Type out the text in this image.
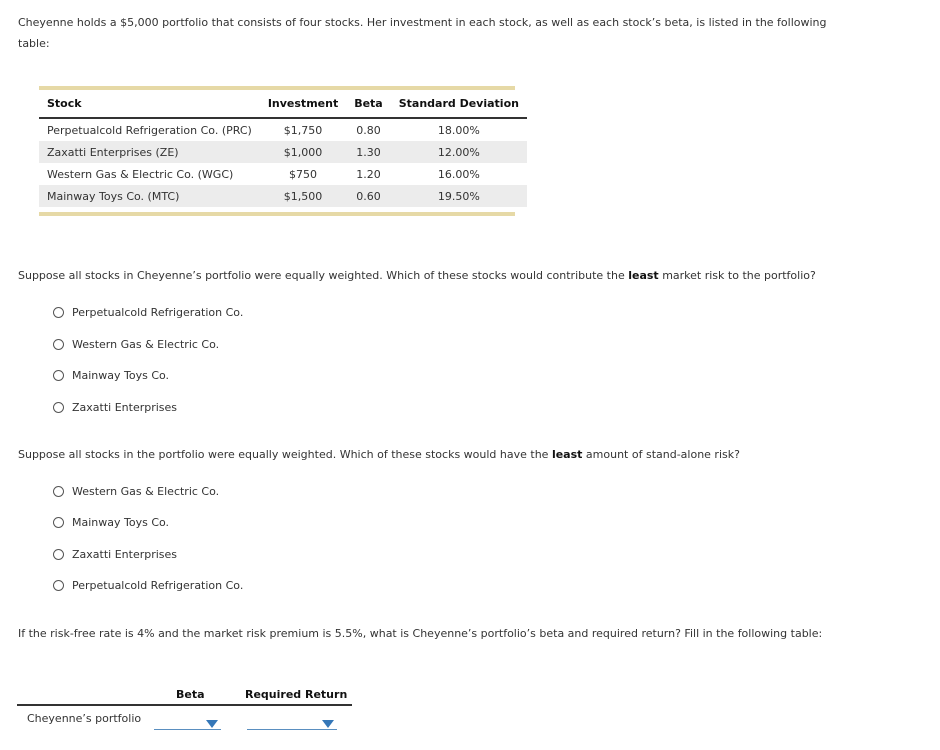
Cheyenne holds a $5,000 portfolio that consists of four stocks. Her investment in each stock, as well as each stock’s beta, is listed in the following
table:
Stock	Investment	Beta	Standard Deviation
Perpetualcold Refrigeration Co. (PRC)	$1,750	0.80	18.00%
Zaxatti Enterprises (ZE)	$1,000	1.30	12.00%
Western Gas & Electric Co. (WGC)	$750	1.20	16.00%
Mainway Toys Co. (MTC)	$1,500	0.60	19.50%
Suppose all stocks in Cheyenne’s portfolio were equally weighted. Which of these stocks would contribute the least market risk to the portfolio?
Perpetualcold Refrigeration Co.
Western Gas & Electric Co.
Mainway Toys Co.
Zaxatti Enterprises
Suppose all stocks in the portfolio were equally weighted. Which of these stocks would have the least amount of stand-alone risk?
Western Gas & Electric Co.
Mainway Toys Co.
Zaxatti Enterprises
Perpetualcold Refrigeration Co.
If the risk-free rate is 4% and the market risk premium is 5.5%, what is Cheyenne’s portfolio’s beta and required return? Fill in the following table:
Beta	Required Return
Cheyenne’s portfolio
